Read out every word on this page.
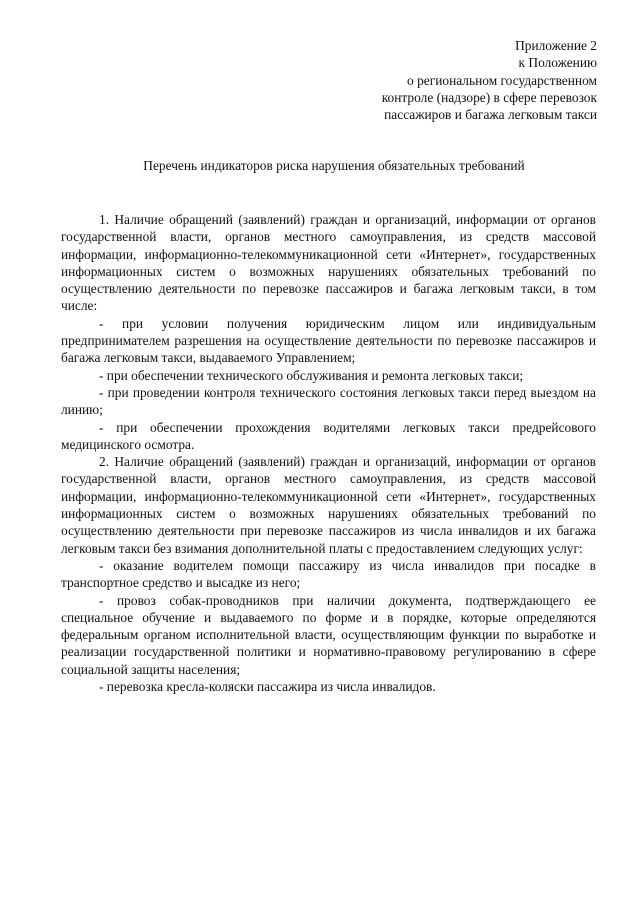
Приложение 2
к Положению
о региональном государственном
контроле (надзоре) в сфере перевозок
пассажиров и багажа легковым такси
Перечень индикаторов риска нарушения обязательных требований

1. Наличие обращений (заявлений) граждан и организаций, информации от органов государственной власти, органов местного самоуправления, из средств массовой информации, информационно-телекоммуникационной сети «Интернет», государственных информационных систем о возможных нарушениях обязательных требований по осуществлению деятельности по перевозке пассажиров и багажа легковым такси, в том числе:

- при условии получения юридическим лицом или индивидуальным предпринимателем разрешения на осуществление деятельности по перевозке пассажиров и багажа легковым такси, выдаваемого Управлением;

- при обеспечении технического обслуживания и ремонта легковых такси;

- при проведении контроля технического состояния легковых такси перед выездом на линию;

- при обеспечении прохождения водителями легковых такси предрейсового медицинского осмотра.

2. Наличие обращений (заявлений) граждан и организаций, информации от органов государственной власти, органов местного самоуправления, из средств массовой информации, информационно-телекоммуникационной сети «Интернет», государственных информационных систем о возможных нарушениях обязательных требований по осуществлению деятельности при перевозке пассажиров из числа инвалидов и их багажа легковым такси без взимания дополнительной платы с предоставлением следующих услуг:

- оказание водителем помощи пассажиру из числа инвалидов при посадке в транспортное средство и высадке из него;

- провоз собак-проводников при наличии документа, подтверждающего ее специальное обучение и выдаваемого по форме и в порядке, которые определяются федеральным органом исполнительной власти, осуществляющим функции по выработке и реализации государственной политики и нормативно-правовому регулированию в сфере социальной защиты населения;

- перевозка кресла-коляски пассажира из числа инвалидов.
